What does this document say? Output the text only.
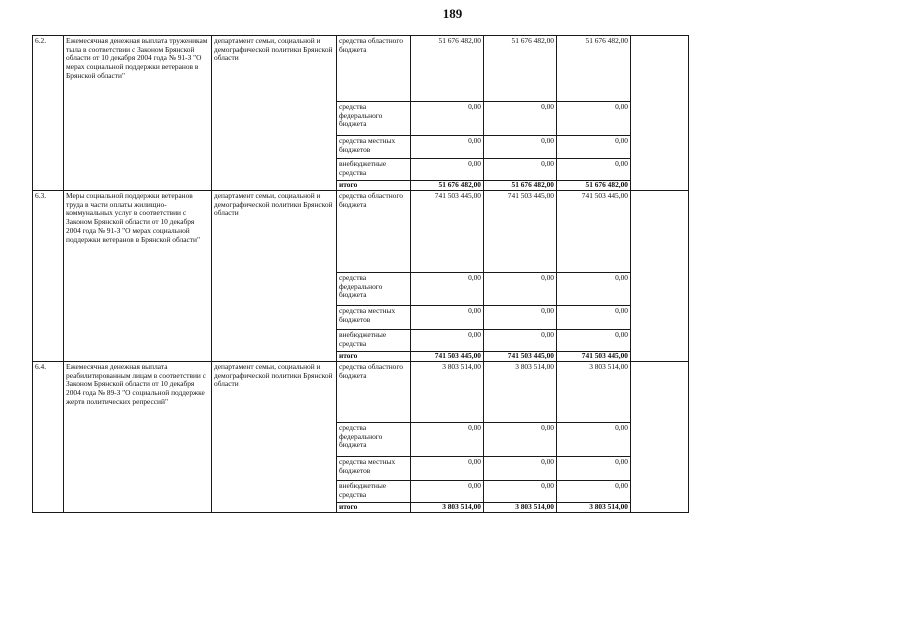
189
6.2.	Ежемесячная денежная выплата труженикам тыла в соответствии с Законом Брянской области от 10 декабря 2004 года № 91-З "О мерах социальной поддержки ветеранов в Брянской области"	департамент семьи, социальной и демографической политики Брянской области	средства областного бюджета	51 676 482,00	51 676 482,00	51 676 482,00	
			средства федерального бюджета	0,00	0,00	0,00	
			средства местных бюджетов	0,00	0,00	0,00	
			внебюджетные средства	0,00	0,00	0,00	
			итого	51 676 482,00	51 676 482,00	51 676 482,00	
6.3.	Меры социальной поддержки ветеранов труда в части оплаты жилищно-коммунальных услуг в соответствии с Законом Брянской области от 10 декабря 2004 года № 91-З "О мерах социальной поддержки ветеранов в Брянской области"	департамент семьи, социальной и демографической политики Брянской области	средства областного бюджета	741 503 445,00	741 503 445,00	741 503 445,00	
			средства федерального бюджета	0,00	0,00	0,00	
			средства местных бюджетов	0,00	0,00	0,00	
			внебюджетные средства	0,00	0,00	0,00	
			итого	741 503 445,00	741 503 445,00	741 503 445,00	
6.4.	Ежемесячная денежная выплата реабилитированным лицам в соответствии с Законом Брянской области от 10 декабря 2004 года № 89-З "О социальной поддержке жертв политических репрессий"	департамент семьи, социальной и демографической политики Брянской области	средства областного бюджета	3 803 514,00	3 803 514,00	3 803 514,00	
			средства федерального бюджета	0,00	0,00	0,00	
			средства местных бюджетов	0,00	0,00	0,00	
			внебюджетные средства	0,00	0,00	0,00	
			итого	3 803 514,00	3 803 514,00	3 803 514,00	
